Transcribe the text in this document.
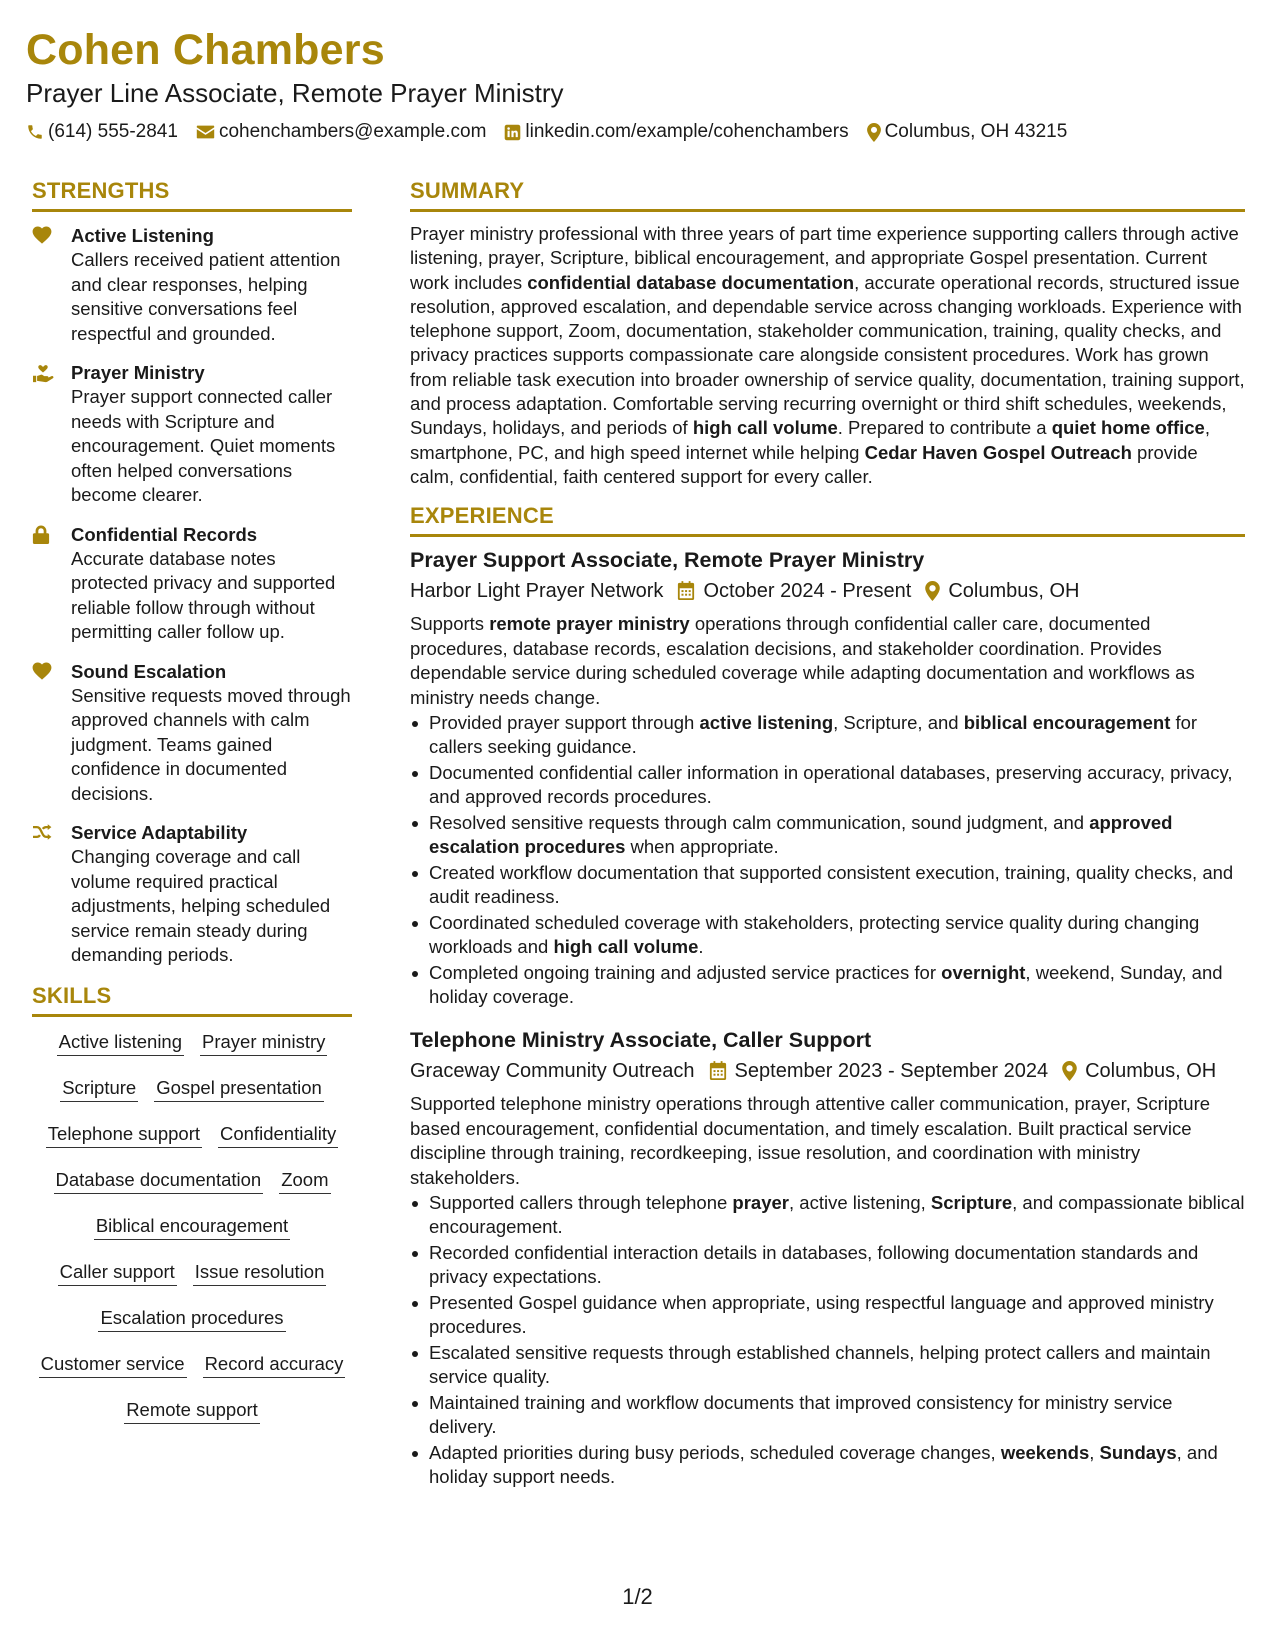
Cohen Chambers
Prayer Line Associate, Remote Prayer Ministry
(614) 555-2841 cohenchambers@example.com linkedin.com/example/cohenchambers Columbus, OH 43215
STRENGTHS
Active Listening
Callers received patient attention and clear responses, helping sensitive conversations feel respectful and grounded.
Prayer Ministry
Prayer support connected caller needs with Scripture and encouragement. Quiet moments often helped conversations become clearer.
Confidential Records
Accurate database notes protected privacy and supported reliable follow through without permitting caller follow up.
Sound Escalation
Sensitive requests moved through approved channels with calm judgment. Teams gained confidence in documented decisions.
Service Adaptability
Changing coverage and call volume required practical adjustments, helping scheduled service remain steady during demanding periods.
SKILLS
Active listening Prayer ministry
Scripture Gospel presentation
Telephone support Confidentiality
Database documentation Zoom
Biblical encouragement
Caller support Issue resolution
Escalation procedures
Customer service Record accuracy
Remote support
SUMMARY
Prayer ministry professional with three years of part time experience supporting callers through active listening, prayer, Scripture, biblical encouragement, and appropriate Gospel presentation. Current work includes confidential database documentation, accurate operational records, structured issue resolution, approved escalation, and dependable service across changing workloads. Experience with telephone support, Zoom, documentation, stakeholder communication, training, quality checks, and privacy practices supports compassionate care alongside consistent procedures. Work has grown from reliable task execution into broader ownership of service quality, documentation, training support, and process adaptation. Comfortable serving recurring overnight or third shift schedules, weekends, Sundays, holidays, and periods of high call volume. Prepared to contribute a quiet home office, smartphone, PC, and high speed internet while helping Cedar Haven Gospel Outreach provide calm, confidential, faith centered support for every caller.
EXPERIENCE
Prayer Support Associate, Remote Prayer Ministry
Harbor Light Prayer Network October 2024 - Present Columbus, OH
Supports remote prayer ministry operations through confidential caller care, documented procedures, database records, escalation decisions, and stakeholder coordination. Provides dependable service during scheduled coverage while adapting documentation and workflows as ministry needs change.
Provided prayer support through active listening, Scripture, and biblical encouragement for callers seeking guidance.
Documented confidential caller information in operational databases, preserving accuracy, privacy, and approved records procedures.
Resolved sensitive requests through calm communication, sound judgment, and approved escalation procedures when appropriate.
Created workflow documentation that supported consistent execution, training, quality checks, and audit readiness.
Coordinated scheduled coverage with stakeholders, protecting service quality during changing workloads and high call volume.
Completed ongoing training and adjusted service practices for overnight, weekend, Sunday, and holiday coverage.
Telephone Ministry Associate, Caller Support
Graceway Community Outreach September 2023 - September 2024 Columbus, OH
Supported telephone ministry operations through attentive caller communication, prayer, Scripture based encouragement, confidential documentation, and timely escalation. Built practical service discipline through training, recordkeeping, issue resolution, and coordination with ministry stakeholders.
Supported callers through telephone prayer, active listening, Scripture, and compassionate biblical encouragement.
Recorded confidential interaction details in databases, following documentation standards and privacy expectations.
Presented Gospel guidance when appropriate, using respectful language and approved ministry procedures.
Escalated sensitive requests through established channels, helping protect callers and maintain service quality.
Maintained training and workflow documents that improved consistency for ministry service delivery.
Adapted priorities during busy periods, scheduled coverage changes, weekends, Sundays, and holiday support needs.
1/2
